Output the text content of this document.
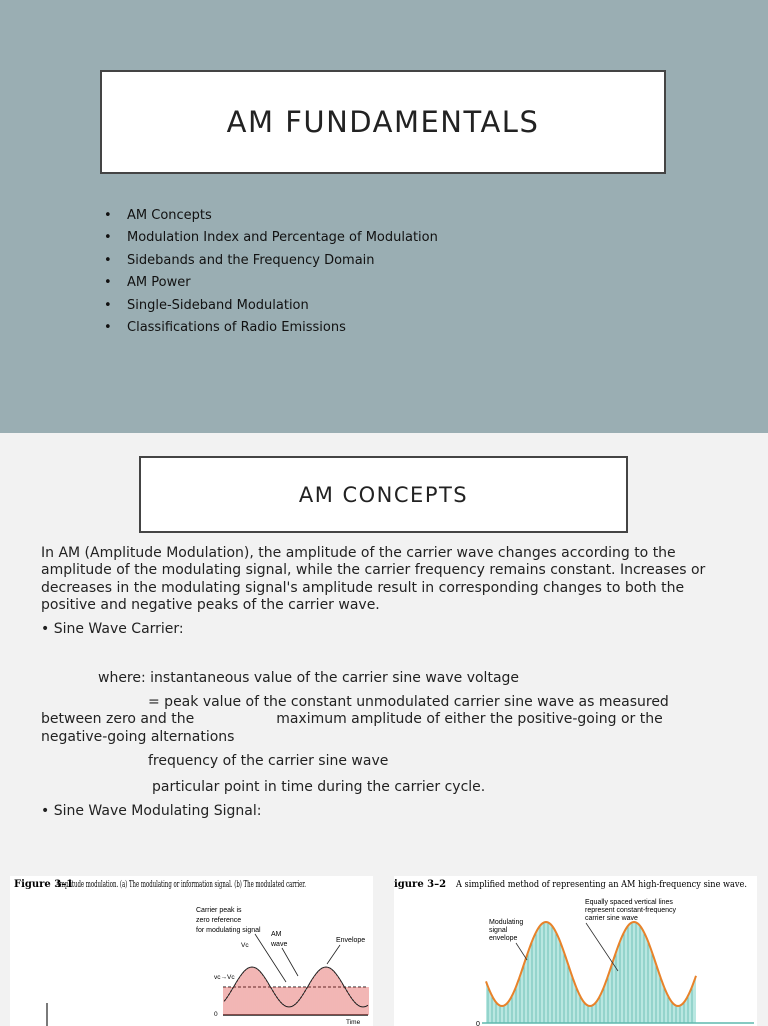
AM FUNDAMENTALS
• AM Concepts
• Modulation Index and Percentage of Modulation
• Sidebands and the Frequency Domain
• AM Power
• Single-Sideband Modulation
• Classifications of Radio Emissions
AM CONCEPTS
In AM (Amplitude Modulation), the amplitude of the carrier wave changes according to the amplitude of the modulating signal, while the carrier frequency remains constant. Increases or decreases in the modulating signal's amplitude result in corresponding changes to both the positive and negative peaks of the carrier wave.
• Sine Wave Carrier:
where: instantaneous value of the carrier sine wave voltage
= peak value of the constant unmodulated carrier sine wave as measured
between zero and the	maximum amplitude of either the positive-going or the
negative-going alternations
frequency of the carrier sine wave
particular point in time during the carrier cycle.
• Sine Wave Modulating Signal:
Figure 3–1
Amplitude modulation. (a) The modulating or information signal. (b) The modulated carrier.
Carrier peak is
zero reference
for modulating signal
AM
wave
Envelope
Vc
vc→Vc
0
Time
igure 3–2 A simplified method of representing an AM high-frequency sine wave.
Equally spaced vertical lines
represent constant-frequency
carrier sine wave
Modulating
signal
envelope
0
